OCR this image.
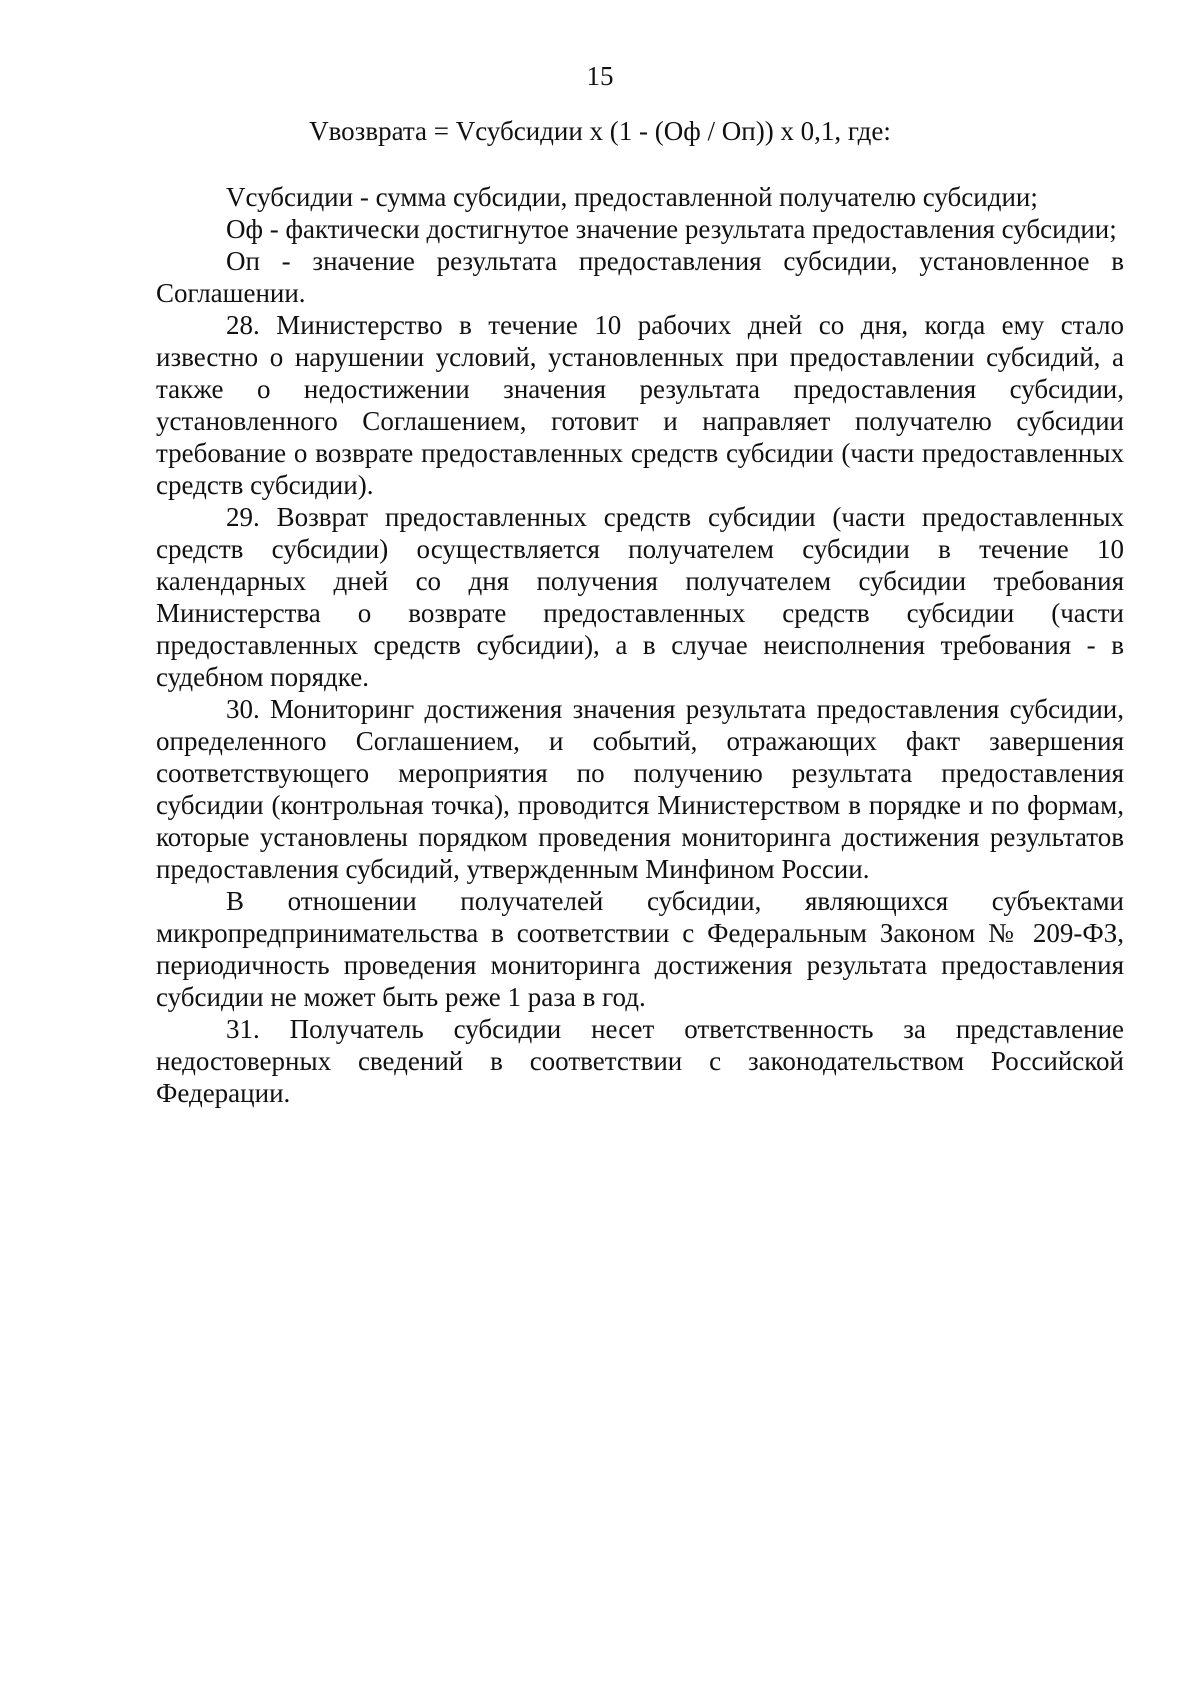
15
Vвозврата = Vсубсидии x (1 - (Оф / Оп)) x 0,1, где:

Vсубсидии - сумма субсидии, предоставленной получателю субсидии;

Оф - фактически достигнутое значение результата предоставления субсидии;

Оп - значение результата предоставления субсидии, установленное в Соглашении.

28. Министерство в течение 10 рабочих дней со дня, когда ему стало известно о нарушении условий, установленных при предоставлении субсидий, а также о недостижении значения результата предоставления субсидии, установленного Соглашением, готовит и направляет получателю субсидии требование о возврате предоставленных средств субсидии (части предоставленных средств субсидии).

29. Возврат предоставленных средств субсидии (части предоставленных средств субсидии) осуществляется получателем субсидии в течение 10 календарных дней со дня получения получателем субсидии требования Министерства о возврате предоставленных средств субсидии (части предоставленных средств субсидии), а в случае неисполнения требования - в судебном порядке.

30. Мониторинг достижения значения результата предоставления субсидии, определенного Соглашением, и событий, отражающих факт завершения соответствующего мероприятия по получению результата предоставления субсидии (контрольная точка), проводится Министерством в порядке и по формам, которые установлены порядком проведения мониторинга достижения результатов предоставления субсидий, утвержденным Минфином России.

В отношении получателей субсидии, являющихся субъектами микропредпринимательства в соответствии с Федеральным Законом № 209-ФЗ, периодичность проведения мониторинга достижения результата предоставления субсидии не может быть реже 1 раза в год.

31. Получатель субсидии несет ответственность за представление недостоверных сведений в соответствии с законодательством Российской Федерации.
